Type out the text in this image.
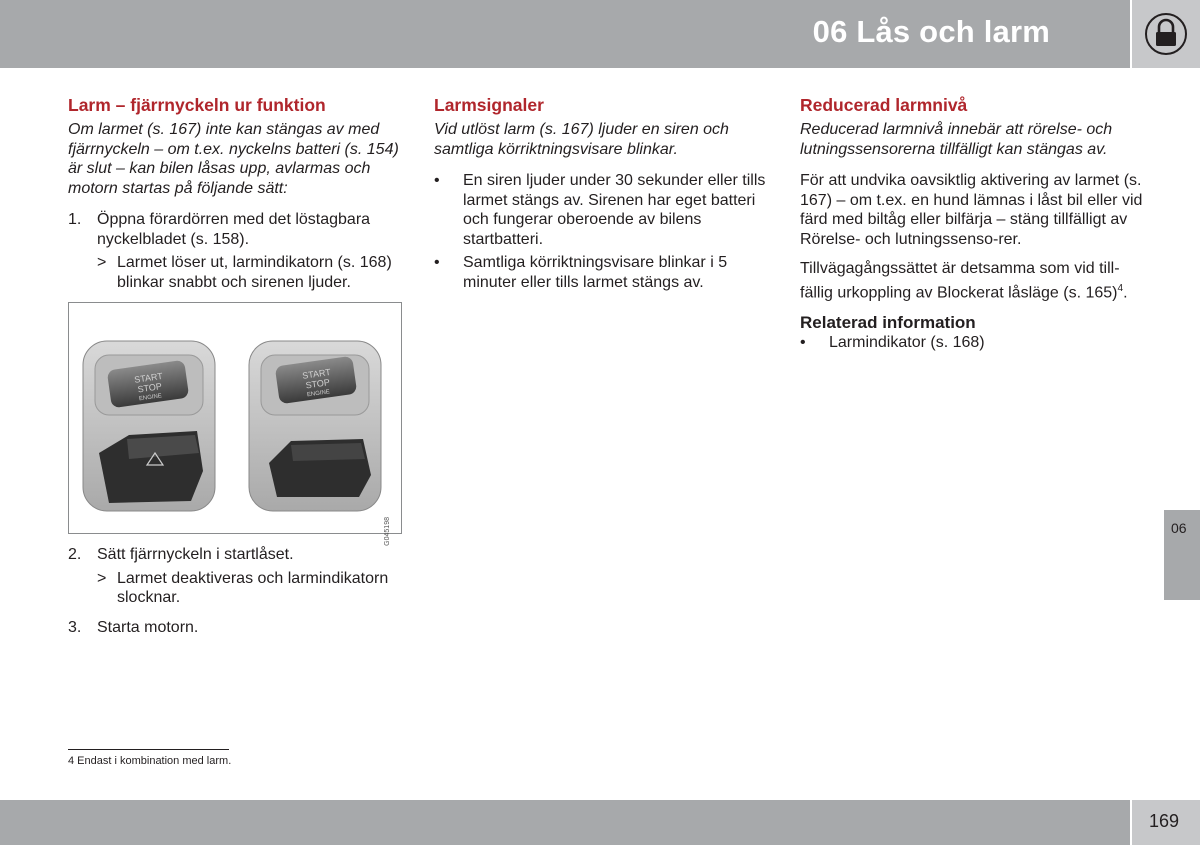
06 Lås och larm
Larm – fjärrnyckeln ur funktion
Om larmet (s. 167) inte kan stängas av med fjärrnyckeln – om t.ex. nyckelns batteri (s. 154) är slut – kan bilen låsas upp, avlarmas och motorn startas på följande sätt:
1. Öppna förardörren med det löstagbara nyckelbladet (s. 158).
> Larmet löser ut, larmindikatorn (s. 168) blinkar snabbt och sirenen ljuder.
START
STOP
ENGINE
START
STOP
ENGINE
G045198
2. Sätt fjärrnyckeln i startlåset.
> Larmet deaktiveras och larmindikatorn slocknar.
3. Starta motorn.
Larmsignaler
Vid utlöst larm (s. 167) ljuder en siren och samtliga körriktningsvisare blinkar.
• En siren ljuder under 30 sekunder eller tills larmet stängs av. Sirenen har eget batteri och fungerar oberoende av bilens startbatteri.
• Samtliga körriktningsvisare blinkar i 5 minuter eller tills larmet stängs av.
Reducerad larmnivå
Reducerad larmnivå innebär att rörelse- och lutningssensorerna tillfälligt kan stängas av.

För att undvika oavsiktlig aktivering av larmet (s. 167) – om t.ex. en hund lämnas i låst bil eller vid färd med biltåg eller bilfärja – stäng tillfälligt av Rörelse- och lutningssenso-rer.

Tillvägagångssättet är detsamma som vid till-fällig urkoppling av Blockerat låsläge (s. 165)$^4$.

Relaterad information
• Larmindikator (s. 168)
4 Endast i kombination med larm.
06
169
